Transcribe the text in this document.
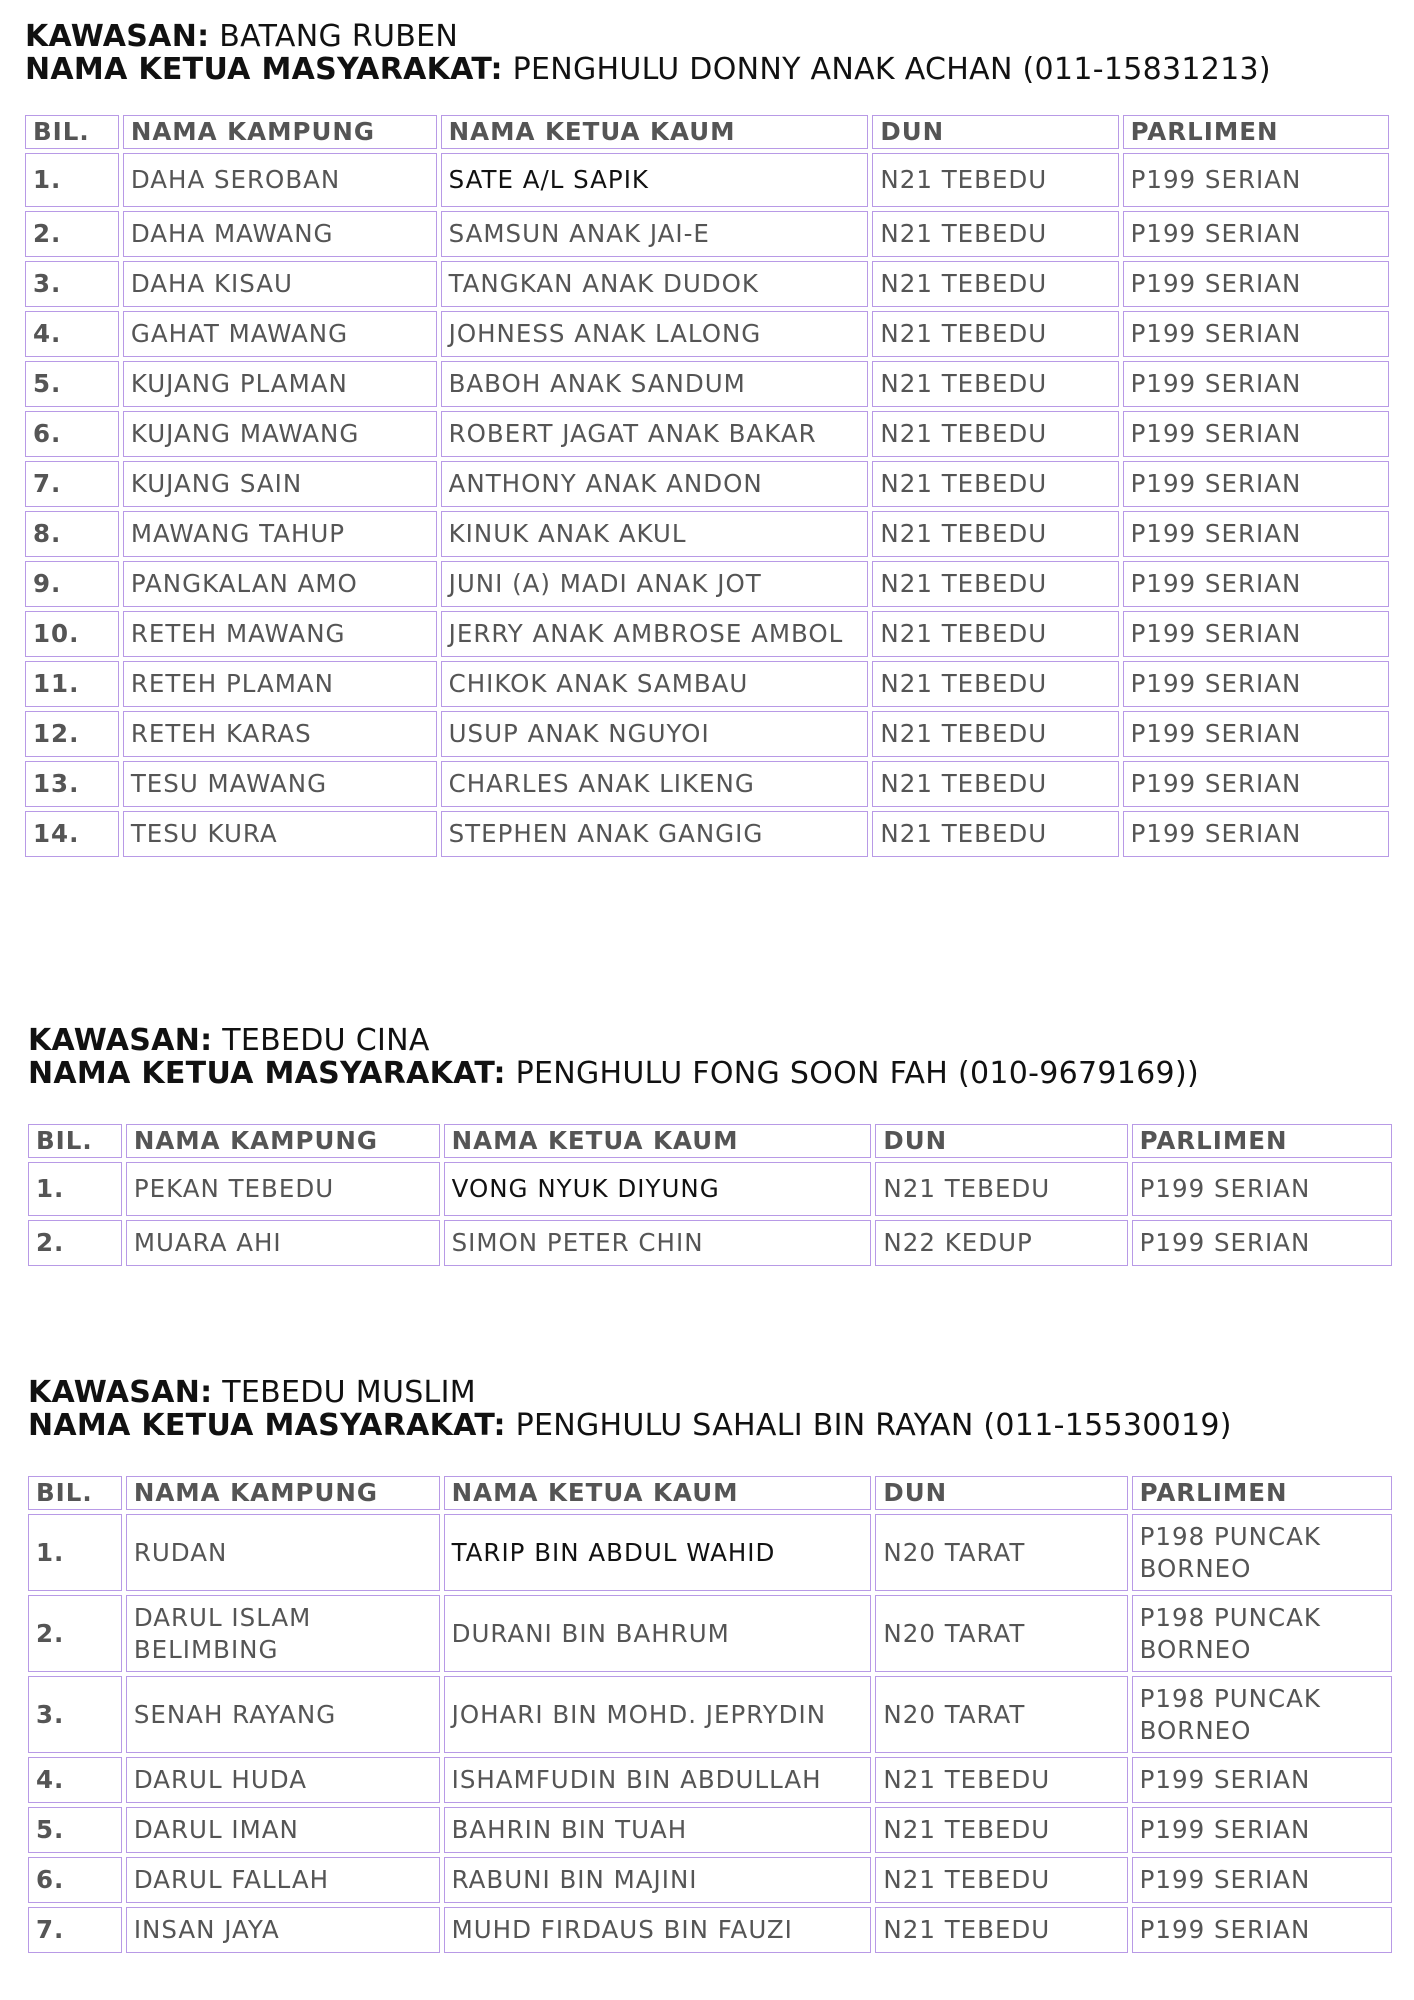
KAWASAN: BATANG RUBEN
NAMA KETUA MASYARAKAT: PENGHULU DONNY ANAK ACHAN (011-15831213)
BIL.	NAMA KAMPUNG	NAMA KETUA KAUM	DUN	PARLIMEN
1.	DAHA SEROBAN	SATE A/L SAPIK	N21 TEBEDU	P199 SERIAN
2.	DAHA MAWANG	SAMSUN ANAK JAI-E	N21 TEBEDU	P199 SERIAN
3.	DAHA KISAU	TANGKAN ANAK DUDOK	N21 TEBEDU	P199 SERIAN
4.	GAHAT MAWANG	JOHNESS ANAK LALONG	N21 TEBEDU	P199 SERIAN
5.	KUJANG PLAMAN	BABOH ANAK SANDUM	N21 TEBEDU	P199 SERIAN
6.	KUJANG MAWANG	ROBERT JAGAT ANAK BAKAR	N21 TEBEDU	P199 SERIAN
7.	KUJANG SAIN	ANTHONY ANAK ANDON	N21 TEBEDU	P199 SERIAN
8.	MAWANG TAHUP	KINUK ANAK AKUL	N21 TEBEDU	P199 SERIAN
9.	PANGKALAN AMO	JUNI (A) MADI ANAK JOT	N21 TEBEDU	P199 SERIAN
10.	RETEH MAWANG	JERRY ANAK AMBROSE AMBOL	N21 TEBEDU	P199 SERIAN
11.	RETEH PLAMAN	CHIKOK ANAK SAMBAU	N21 TEBEDU	P199 SERIAN
12.	RETEH KARAS	USUP ANAK NGUYOI	N21 TEBEDU	P199 SERIAN
13.	TESU MAWANG	CHARLES ANAK LIKENG	N21 TEBEDU	P199 SERIAN
14.	TESU KURA	STEPHEN ANAK GANGIG	N21 TEBEDU	P199 SERIAN
KAWASAN: TEBEDU CINA
NAMA KETUA MASYARAKAT: PENGHULU FONG SOON FAH (010-9679169))
BIL.	NAMA KAMPUNG	NAMA KETUA KAUM	DUN	PARLIMEN
1.	PEKAN TEBEDU	VONG NYUK DIYUNG	N21 TEBEDU	P199 SERIAN
2.	MUARA AHI	SIMON PETER CHIN	N22 KEDUP	P199 SERIAN
KAWASAN: TEBEDU MUSLIM
NAMA KETUA MASYARAKAT: PENGHULU SAHALI BIN RAYAN (011-15530019)
BIL.	NAMA KAMPUNG	NAMA KETUA KAUM	DUN	PARLIMEN
1.	RUDAN	TARIP BIN ABDUL WAHID	N20 TARAT	P198 PUNCAK BORNEO
2.	DARUL ISLAM BELIMBING	DURANI BIN BAHRUM	N20 TARAT	P198 PUNCAK BORNEO
3.	SENAH RAYANG	JOHARI BIN MOHD. JEPRYDIN	N20 TARAT	P198 PUNCAK BORNEO
4.	DARUL HUDA	ISHAMFUDIN BIN ABDULLAH	N21 TEBEDU	P199 SERIAN
5.	DARUL IMAN	BAHRIN BIN TUAH	N21 TEBEDU	P199 SERIAN
6.	DARUL FALLAH	RABUNI BIN MAJINI	N21 TEBEDU	P199 SERIAN
7.	INSAN JAYA	MUHD FIRDAUS BIN FAUZI	N21 TEBEDU	P199 SERIAN
